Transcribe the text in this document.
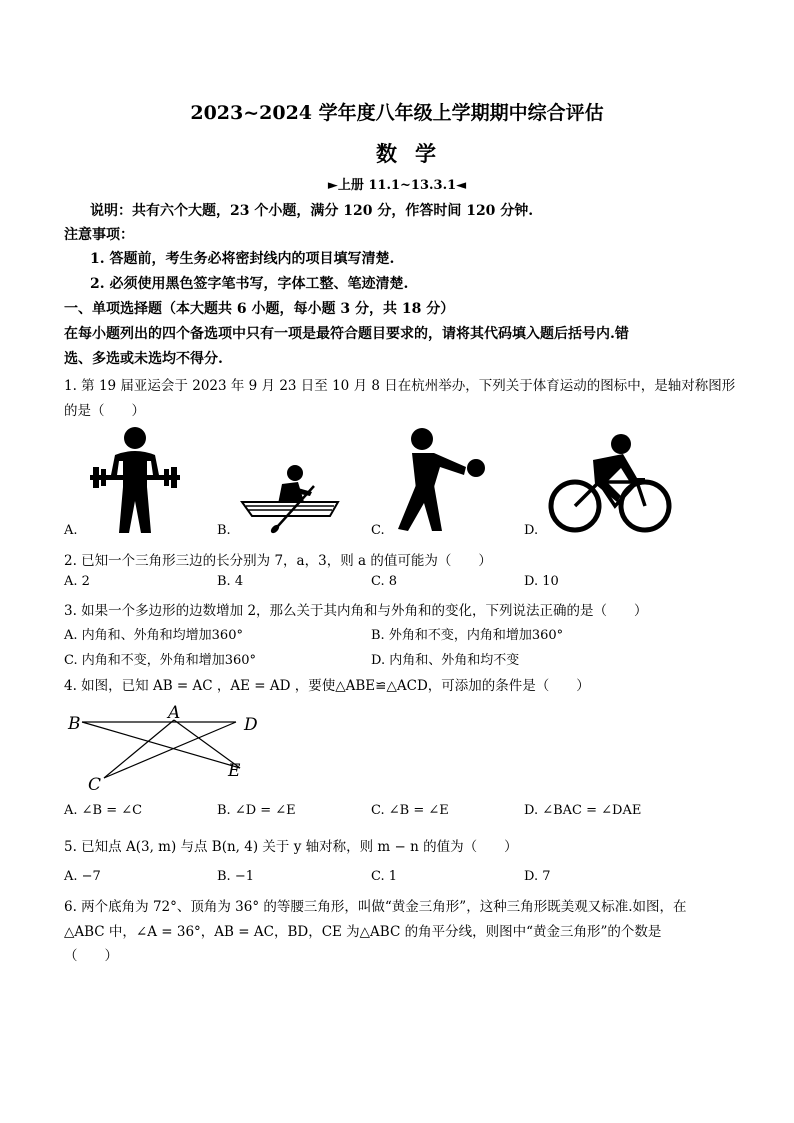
2023~2024 学年度八年级上学期期中综合评估
数学
►上册 11.1~13.3.1◄
说明：共有六个大题，23 个小题，满分 120 分，作答时间 120 分钟.
注意事项：
1. 答题前，考生务必将密封线内的项目填写清楚.
2. 必须使用黑色签字笔书写，字体工整、笔迹清楚.
一、单项选择题（本大题共 6 小题，每小题 3 分，共 18 分）
在每小题列出的四个备选项中只有一项是最符合题目要求的，请将其代码填入题后括号内.错
选、多选或未选均不得分.
1. 第 19 届亚运会于 2023 年 9 月 23 日至 10 月 8 日在杭州举办，下列关于体育运动的图标中，是轴对称图形
的是（　　）
A.	B.	C.	D.
2. 已知一个三角形三边的长分别为 7，a，3，则 a 的值可能为（　　）
A. 2	B. 4	C. 8	D. 10
3. 如果一个多边形的边数增加 2，那么关于其内角和与外角和的变化，下列说法正确的是（　　）
A. 内角和、外角和均增加360°	B. 外角和不变，内角和增加360°
C. 内角和不变，外角和增加360°	D. 内角和、外角和均不变
4. 如图，已知 AB = AC ，AE = AD ，要使△ABE≌△ACD，可添加的条件是（　　）
B
A
D
C
E
A. ∠B = ∠C	B. ∠D = ∠E	C. ∠B = ∠E	D. ∠BAC = ∠DAE
5. 已知点 A(3, m) 与点 B(n, 4) 关于 y 轴对称，则 m − n 的值为（　　）
A. −7	B. −1	C. 1	D. 7
6. 两个底角为 72°、顶角为 36° 的等腰三角形，叫做“黄金三角形”，这种三角形既美观又标准.如图，在
△ABC 中，∠A = 36°，AB = AC，BD，CE 为△ABC 的角平分线，则图中“黄金三角形”的个数是
（　　）
